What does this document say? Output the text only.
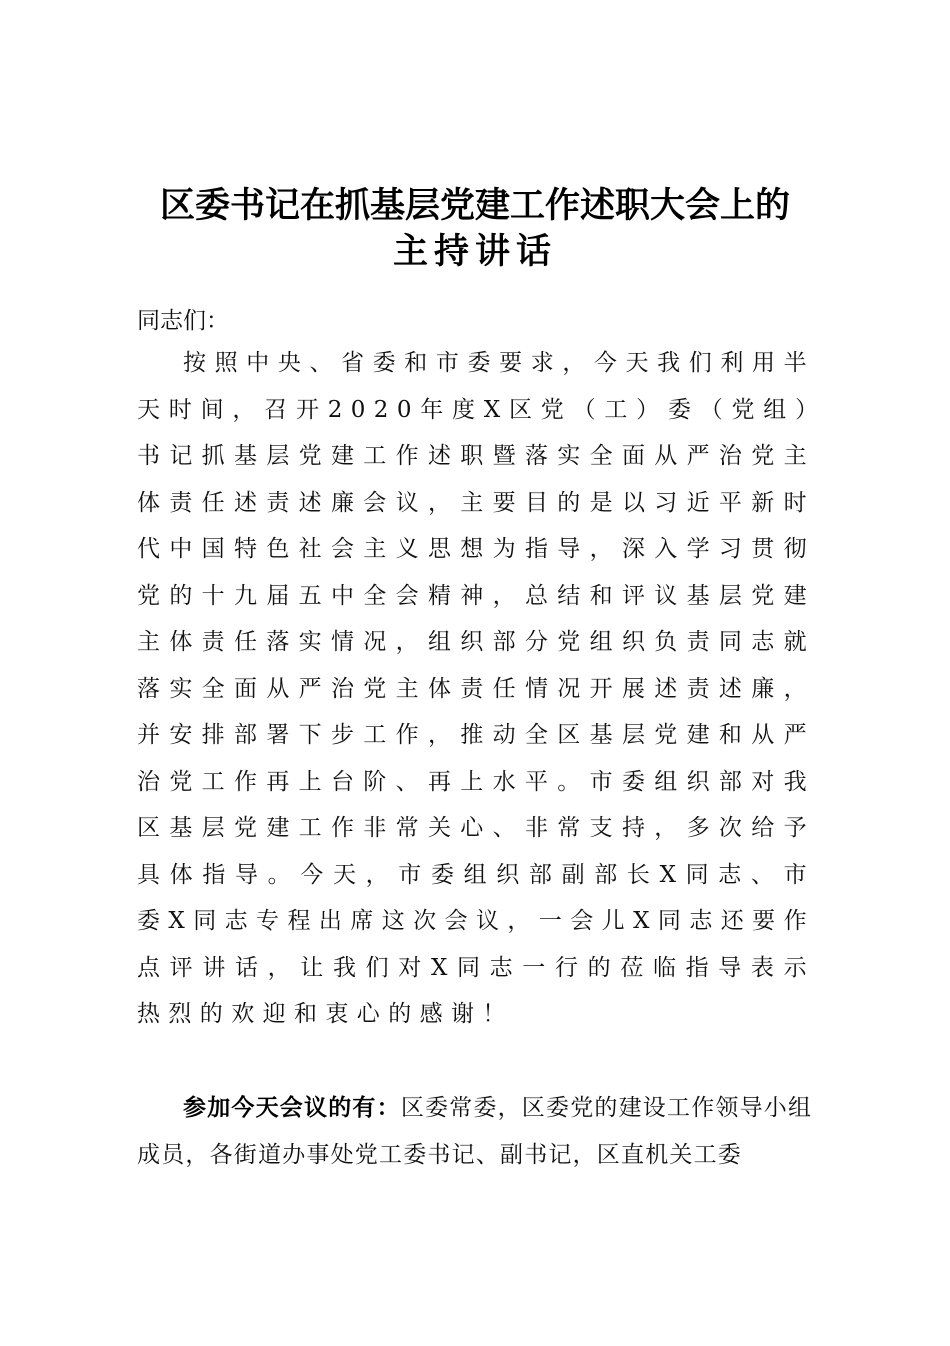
区委书记在抓基层党建工作述职大会上的
主持讲话
同志们：
按照中央、省委和市委要求，今天我们利用半天时间，召开2020年度X区党（工）委（党组）书记抓基层党建工作述职暨落实全面从严治党主体责任述责述廉会议，主要目的是以习近平新时代中国特色社会主义思想为指导，深入学习贯彻党的十九届五中全会精神，总结和评议基层党建主体责任落实情况，组织部分党组织负责同志就落实全面从严治党主体责任情况开展述责述廉，并安排部署下步工作，推动全区基层党建和从严治党工作再上台阶、再上水平。市委组织部对我区基层党建工作非常关心、非常支持，多次给予具体指导。今天，市委组织部副部长X同志、市委X同志专程出席这次会议，一会儿X同志还要作点评讲话，让我们对X同志一行的莅临指导表示热烈的欢迎和衷心的感谢！
参加今天会议的有：区委常委，区委党的建设工作领导小组成员，各街道办事处党工委书记、副书记，区直机关工委
